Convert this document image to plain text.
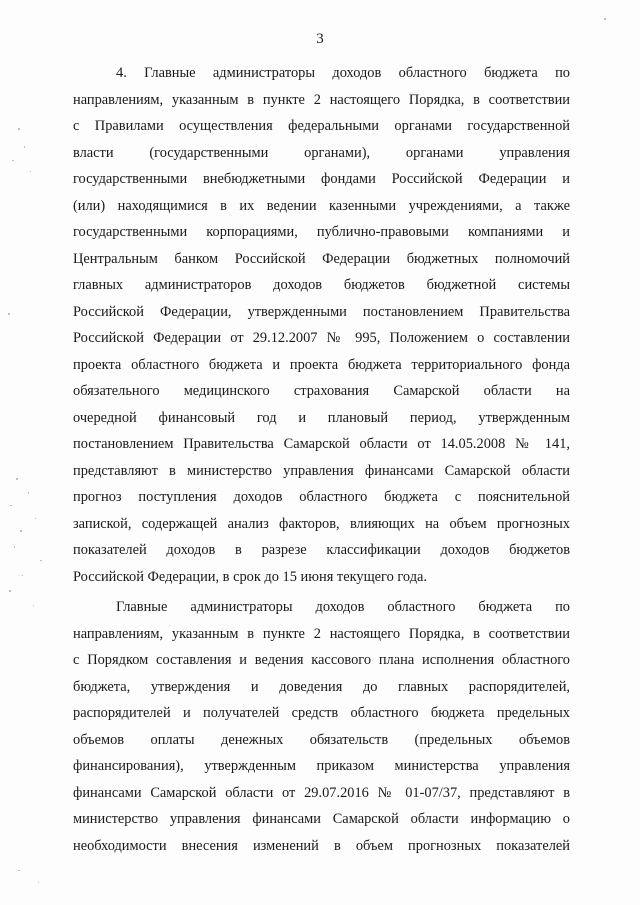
3
4. Главные администраторы доходов областного бюджета по
направлениям, указанным в пункте 2 настоящего Порядка, в соответствии
с Правилами осуществления федеральными органами государственной
власти (государственными органами), органами управления
государственными внебюджетными фондами Российской Федерации и
(или) находящимися в их ведении казенными учреждениями, а также
государственными корпорациями, публично-правовыми компаниями и
Центральным банком Российской Федерации бюджетных полномочий
главных администраторов доходов бюджетов бюджетной системы
Российской Федерации, утвержденными постановлением Правительства
Российской Федерации от 29.12.2007 № 995, Положением о составлении
проекта областного бюджета и проекта бюджета территориального фонда
обязательного медицинского страхования Самарской области на
очередной финансовый год и плановый период, утвержденным
постановлением Правительства Самарской области от 14.05.2008 № 141,
представляют в министерство управления финансами Самарской области
прогноз поступления доходов областного бюджета с пояснительной
запиской, содержащей анализ факторов, влияющих на объем прогнозных
показателей доходов в разрезе классификации доходов бюджетов
Российской Федерации, в срок до 15 июня текущего года.
Главные администраторы доходов областного бюджета по
направлениям, указанным в пункте 2 настоящего Порядка, в соответствии
с Порядком составления и ведения кассового плана исполнения областного
бюджета, утверждения и доведения до главных распорядителей,
распорядителей и получателей средств областного бюджета предельных
объемов оплаты денежных обязательств (предельных объемов
финансирования), утвержденным приказом министерства управления
финансами Самарской области от 29.07.2016 № 01-07/37, представляют в
министерство управления финансами Самарской области информацию о
необходимости внесения изменений в объем прогнозных показателей
